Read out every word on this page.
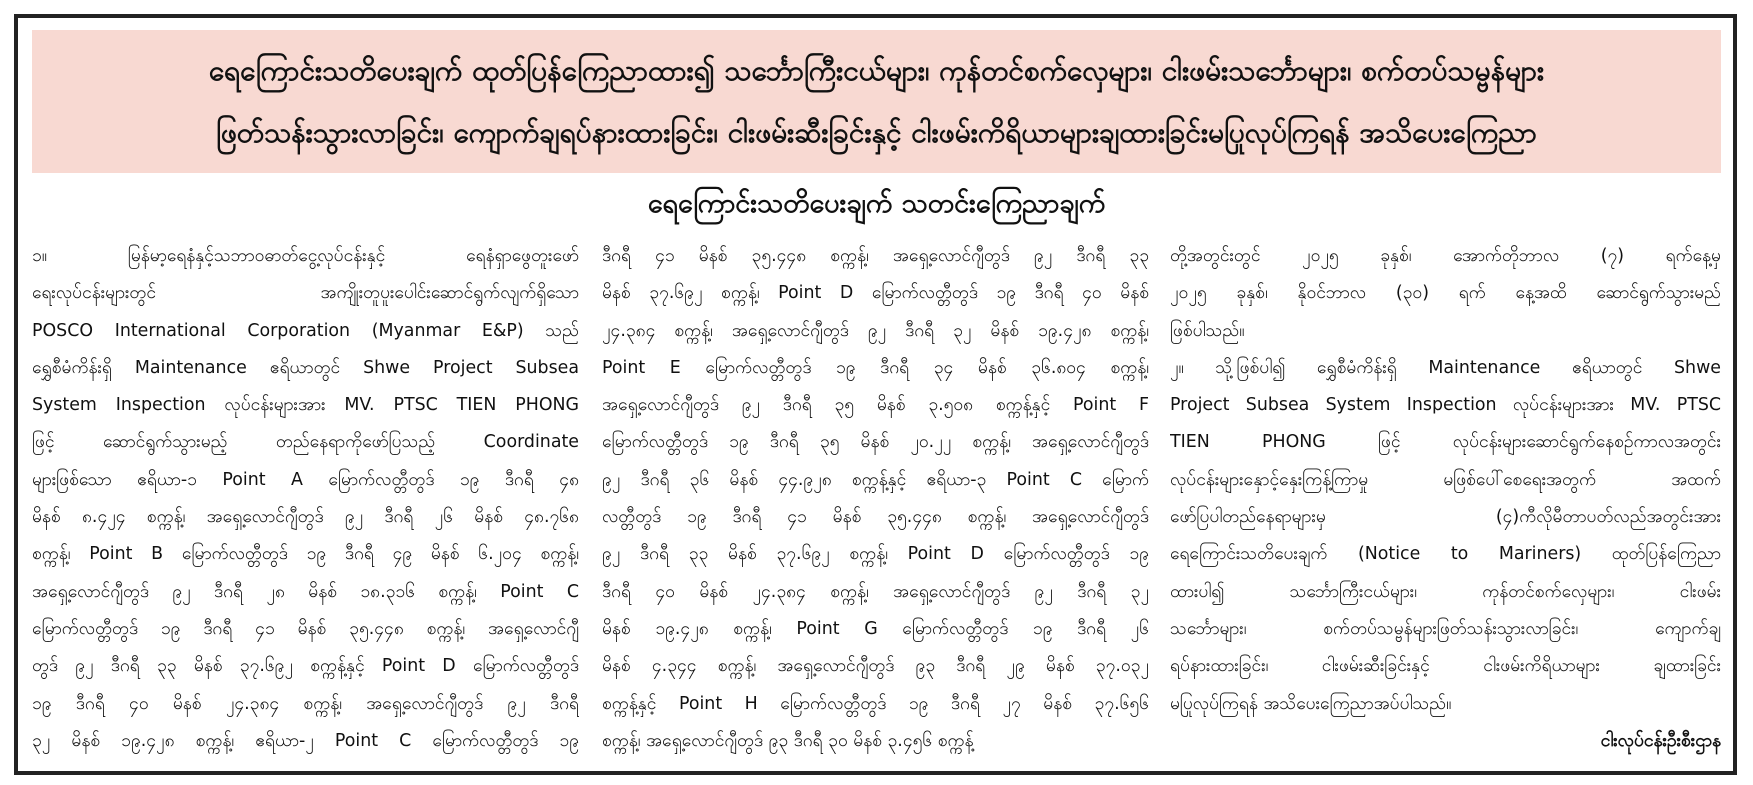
ရေကြောင်းသတိပေးချက် ထုတ်ပြန်ကြေညာထား၍ သင်္ဘောကြီးငယ်များ၊ ကုန်တင်စက်လှေများ၊ ငါးဖမ်းသင်္ဘောများ၊ စက်တပ်သမ္ဗန်များ
ဖြတ်သန်းသွားလာခြင်း၊ ကျောက်ချရပ်နားထားခြင်း၊ ငါးဖမ်းဆီးခြင်းနှင့် ငါးဖမ်းကိရိယာများချထားခြင်းမပြုလုပ်ကြရန် အသိပေးကြေညာ
ရေကြောင်းသတိပေးချက် သတင်းကြေညာချက်
၁။ မြန်မာ့ရေနံနှင့်သဘာဝဓာတ်ငွေ့လုပ်ငန်းနှင့် ရေနံရှာဖွေတူးဖော်
ရေးလုပ်ငန်းများတွင် အကျိုးတူပူးပေါင်းဆောင်ရွက်လျက်ရှိသော
POSCO International Corporation (Myanmar E&P) သည်
ရွှေစီမံကိန်းရှိ Maintenance ဧရိယာတွင် Shwe Project Subsea
System Inspection လုပ်ငန်းများအား MV. PTSC TIEN PHONG
ဖြင့် ဆောင်ရွက်သွားမည့် တည်နေရာကိုဖော်ပြသည့် Coordinate
များဖြစ်သော ဧရိယာ-၁ Point A မြောက်လတ္တီတွဒ် ၁၉ ဒီဂရီ ၄၈
မိနစ် ၈.၄၂၄ စက္ကန့်၊ အရှေ့လောင်ဂျီတွဒ် ၉၂ ဒီဂရီ ၂၆ မိနစ် ၄၈.၇၆၈
စက္ကန့်၊ Point B မြောက်လတ္တီတွဒ် ၁၉ ဒီဂရီ ၄၉ မိနစ် ၆.၂၀၄ စက္ကန့်၊
အရှေ့လောင်ဂျီတွဒ် ၉၂ ဒီဂရီ ၂၈ မိနစ် ၁၈.၃၁၆ စက္ကန့်၊ Point C
မြောက်လတ္တီတွဒ် ၁၉ ဒီဂရီ ၄၁ မိနစ် ၃၅.၄၄၈ စက္ကန့်၊ အရှေ့လောင်ဂျီ
တွဒ် ၉၂ ဒီဂရီ ၃၃ မိနစ် ၃၇.၆၉၂ စက္ကန့်နှင့် Point D မြောက်လတ္တီတွဒ်
၁၉ ဒီဂရီ ၄၀ မိနစ် ၂၄.၃၈၄ စက္ကန့်၊ အရှေ့လောင်ဂျီတွဒ် ၉၂ ဒီဂရီ
၃၂ မိနစ် ၁၉.၄၂၈ စက္ကန့်၊ ဧရိယာ-၂ Point C မြောက်လတ္တီတွဒ် ၁၉
ဒီဂရီ ၄၁ မိနစ် ၃၅.၄၄၈ စက္ကန့်၊ အရှေ့လောင်ဂျီတွဒ် ၉၂ ဒီဂရီ ၃၃
မိနစ် ၃၇.၆၉၂ စက္ကန့်၊ Point D မြောက်လတ္တီတွဒ် ၁၉ ဒီဂရီ ၄၀ မိနစ်
၂၄.၃၈၄ စက္ကန့်၊ အရှေ့လောင်ဂျီတွဒ် ၉၂ ဒီဂရီ ၃၂ မိနစ် ၁၉.၄၂၈ စက္ကန့်၊
Point E မြောက်လတ္တီတွဒ် ၁၉ ဒီဂရီ ၃၄ မိနစ် ၃၆.၈၀၄ စက္ကန့်၊
အရှေ့လောင်ဂျီတွဒ် ၉၂ ဒီဂရီ ၃၅ မိနစ် ၃.၅၀၈ စက္ကန့်နှင့် Point F
မြောက်လတ္တီတွဒ် ၁၉ ဒီဂရီ ၃၅ မိနစ် ၂၀.၂၂ စက္ကန့်၊ အရှေ့လောင်ဂျီတွဒ်
၉၂ ဒီဂရီ ၃၆ မိနစ် ၄၄.၉၂၈ စက္ကန့်နှင့် ဧရိယာ-၃ Point C မြောက်
လတ္တီတွဒ် ၁၉ ဒီဂရီ ၄၁ မိနစ် ၃၅.၄၄၈ စက္ကန့်၊ အရှေ့လောင်ဂျီတွဒ်
၉၂ ဒီဂရီ ၃၃ မိနစ် ၃၇.၆၉၂ စက္ကန့်၊ Point D မြောက်လတ္တီတွဒ် ၁၉
ဒီဂရီ ၄၀ မိနစ် ၂၄.၃၈၄ စက္ကန့်၊ အရှေ့လောင်ဂျီတွဒ် ၉၂ ဒီဂရီ ၃၂
မိနစ် ၁၉.၄၂၈ စက္ကန့်၊ Point G မြောက်လတ္တီတွဒ် ၁၉ ဒီဂရီ ၂၆
မိနစ် ၄.၃၄၄ စက္ကန့်၊ အရှေ့လောင်ဂျီတွဒ် ၉၃ ဒီဂရီ ၂၉ မိနစ် ၃၇.၀၃၂
စက္ကန့်နှင့် Point H မြောက်လတ္တီတွဒ် ၁၉ ဒီဂရီ ၂၇ မိနစ် ၃၇.၆၅၆
စက္ကန့်၊ အရှေ့လောင်ဂျီတွဒ် ၉၃ ဒီဂရီ ၃၀ မိနစ် ၃.၄၅၆ စက္ကန့်
တို့အတွင်းတွင် ၂၀၂၅ ခုနှစ်၊ အောက်တိုဘာလ (၇) ရက်နေ့မှ
၂၀၂၅ ခုနှစ်၊ နိုဝင်ဘာလ (၃၀) ရက် နေ့အထိ ဆောင်ရွက်သွားမည်
ဖြစ်ပါသည်။
၂။ သို့ဖြစ်ပါ၍ ရွှေစီမံကိန်းရှိ Maintenance ဧရိယာတွင် Shwe
Project Subsea System Inspection လုပ်ငန်းများအား MV. PTSC
TIEN PHONG ဖြင့် လုပ်ငန်းများဆောင်ရွက်နေစဉ်ကာလအတွင်း
လုပ်ငန်းများနှောင့်နှေးကြန့်ကြာမှု မဖြစ်ပေါ်စေရေးအတွက် အထက်
ဖော်ပြပါတည်နေရာများမှ (၄)ကီလိုမီတာပတ်လည်အတွင်းအား
ရေကြောင်းသတိပေးချက် (Notice to Mariners) ထုတ်ပြန်ကြေညာ
ထားပါ၍ သင်္ဘောကြီးငယ်များ၊ ကုန်တင်စက်လှေများ၊ ငါးဖမ်း
သင်္ဘောများ၊ စက်တပ်သမ္ဗန်များဖြတ်သန်းသွားလာခြင်း၊ ကျောက်ချ
ရပ်နားထားခြင်း၊ ငါးဖမ်းဆီးခြင်းနှင့် ငါးဖမ်းကိရိယာများ ချထားခြင်း
မပြုလုပ်ကြရန် အသိပေးကြေညာအပ်ပါသည်။
ငါးလုပ်ငန်းဦးစီးဌာန
